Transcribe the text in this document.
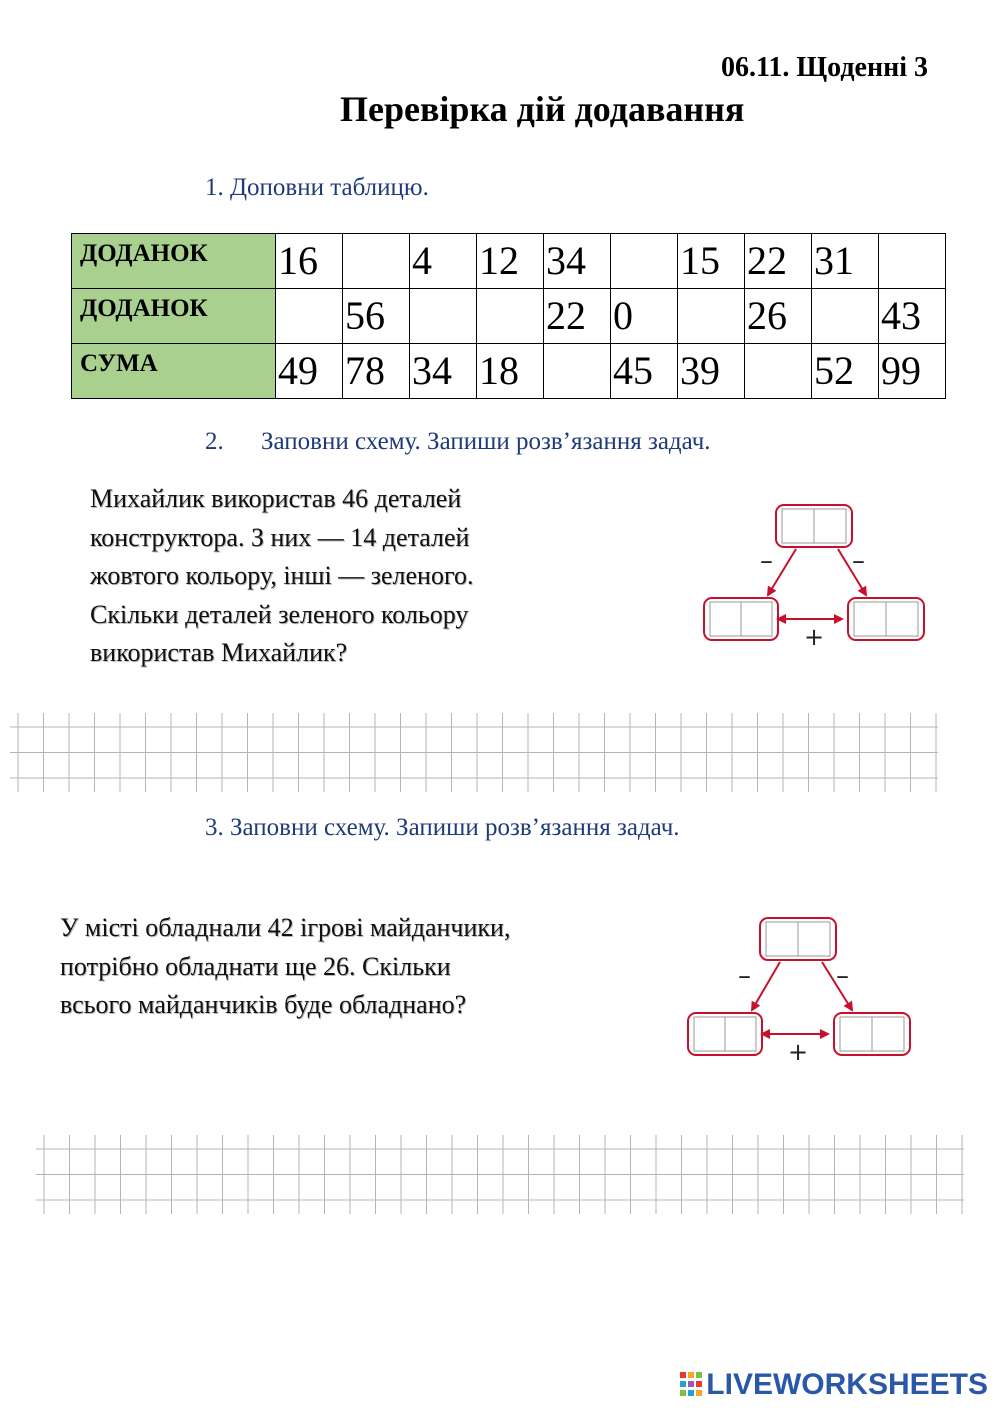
06.11. Щоденні 3
Перевірка дій додавання
1. Доповни таблицю.
ДОДАНОК	16		4	12	34		15	22	31	
ДОДАНОК		56			22	0		26		43
СУМА	49	78	34	18		45	39		52	99
2. Заповни схему. Запиши розв’язання задач.
Михайлик використав 46 деталей
конструктора. З них — 14 деталей
жовтого кольору, інші — зеленого.
Скільки деталей зеленого кольору
використав Михайлик?
–	–
+
3. Заповни схему. Запиши розв’язання задач.
У місті обладнали 42 ігрові майданчики,
потрібно обладнати ще 26. Скільки
всього майданчиків буде обладнано?
–	–
+
LIVEWORKSHEETS
